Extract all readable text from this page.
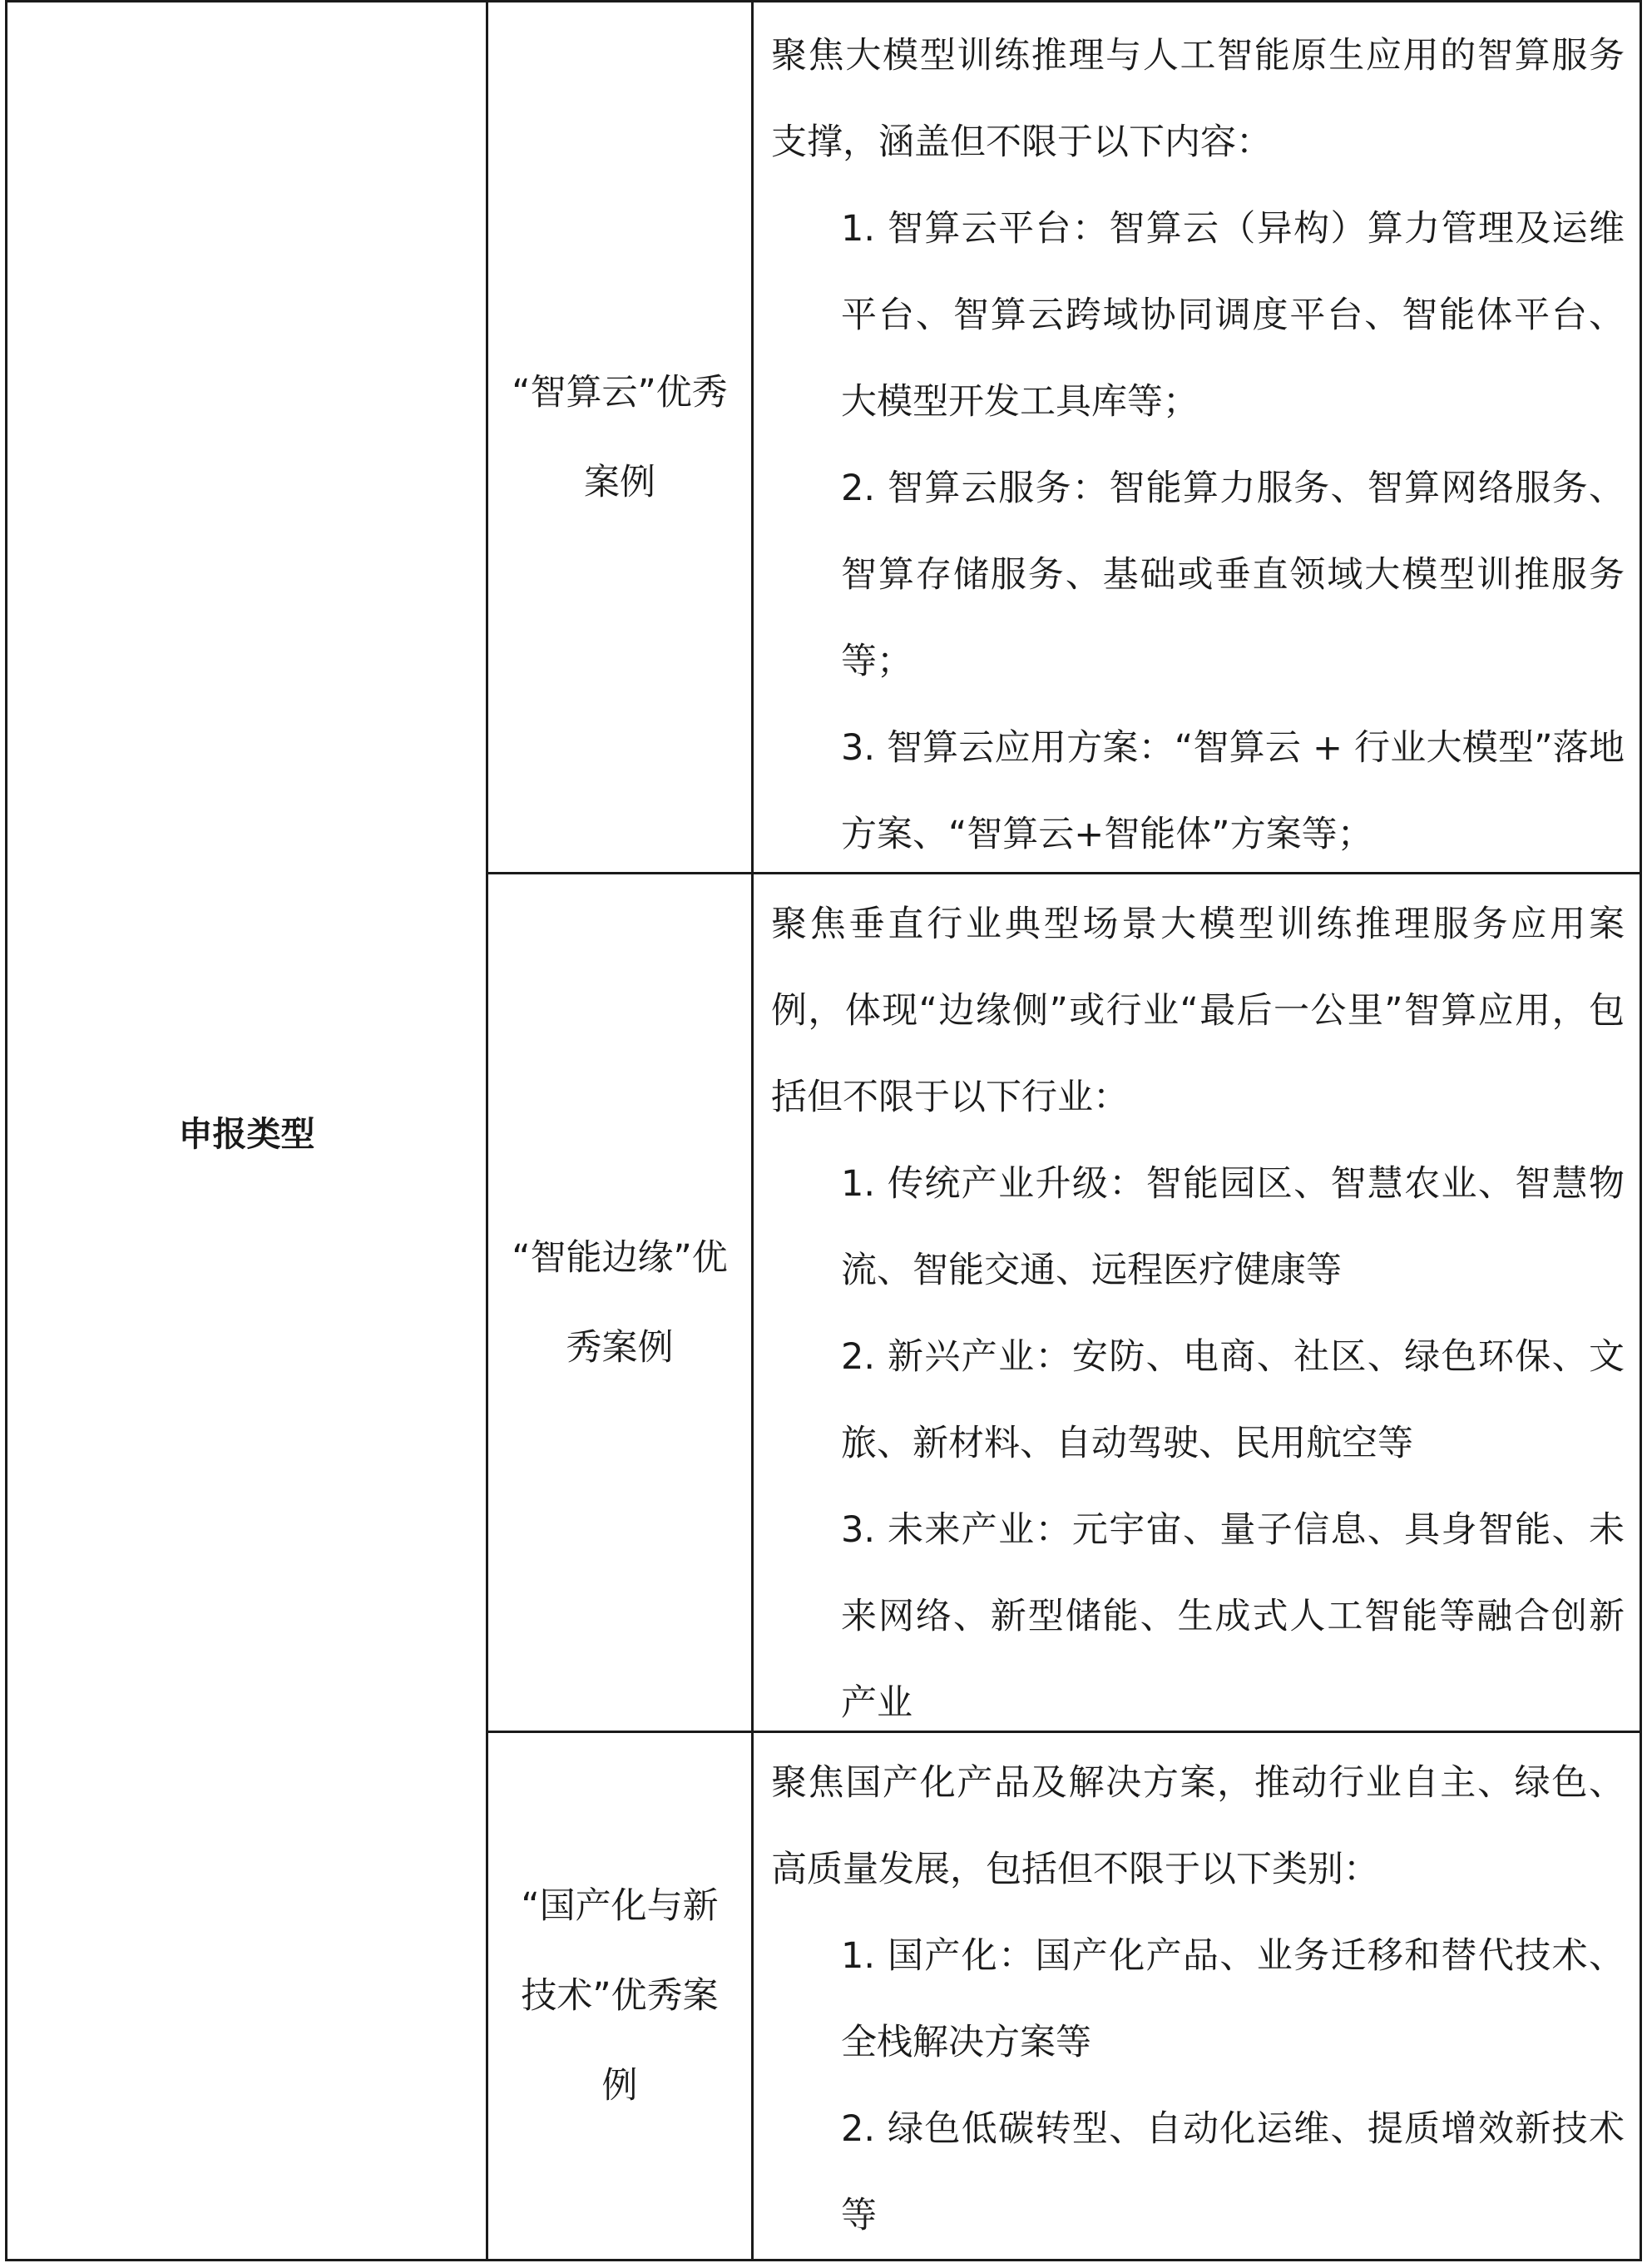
申报类型
“智算云”优秀案例

聚焦大模型训练推理与人工智能原生应用的智算服务支撑，涵盖但不限于以下内容：

1. 智算云平台：智算云（异构）算力管理及运维平台、智算云跨域协同调度平台、智能体平台、大模型开发工具库等；

2. 智算云服务：智能算力服务、智算网络服务、智算存储服务、基础或垂直领域大模型训推服务等；

3. 智算云应用方案：“智算云 + 行业大模型”落地方案、“智算云+智能体”方案等；

“智能边缘”优秀案例

聚焦垂直行业典型场景大模型训练推理服务应用案例，体现“边缘侧”或行业“最后一公里”智算应用，包括但不限于以下行业：

1. 传统产业升级：智能园区、智慧农业、智慧物流、智能交通、远程医疗健康等

2. 新兴产业：安防、电商、社区、绿色环保、文旅、新材料、自动驾驶、民用航空等

3. 未来产业：元宇宙、量子信息、具身智能、未来网络、新型储能、生成式人工智能等融合创新产业

“国产化与新技术”优秀案例

聚焦国产化产品及解决方案，推动行业自主、绿色、高质量发展，包括但不限于以下类别：

1. 国产化：国产化产品、业务迁移和替代技术、全栈解决方案等

2. 绿色低碳转型、自动化运维、提质增效新技术等
